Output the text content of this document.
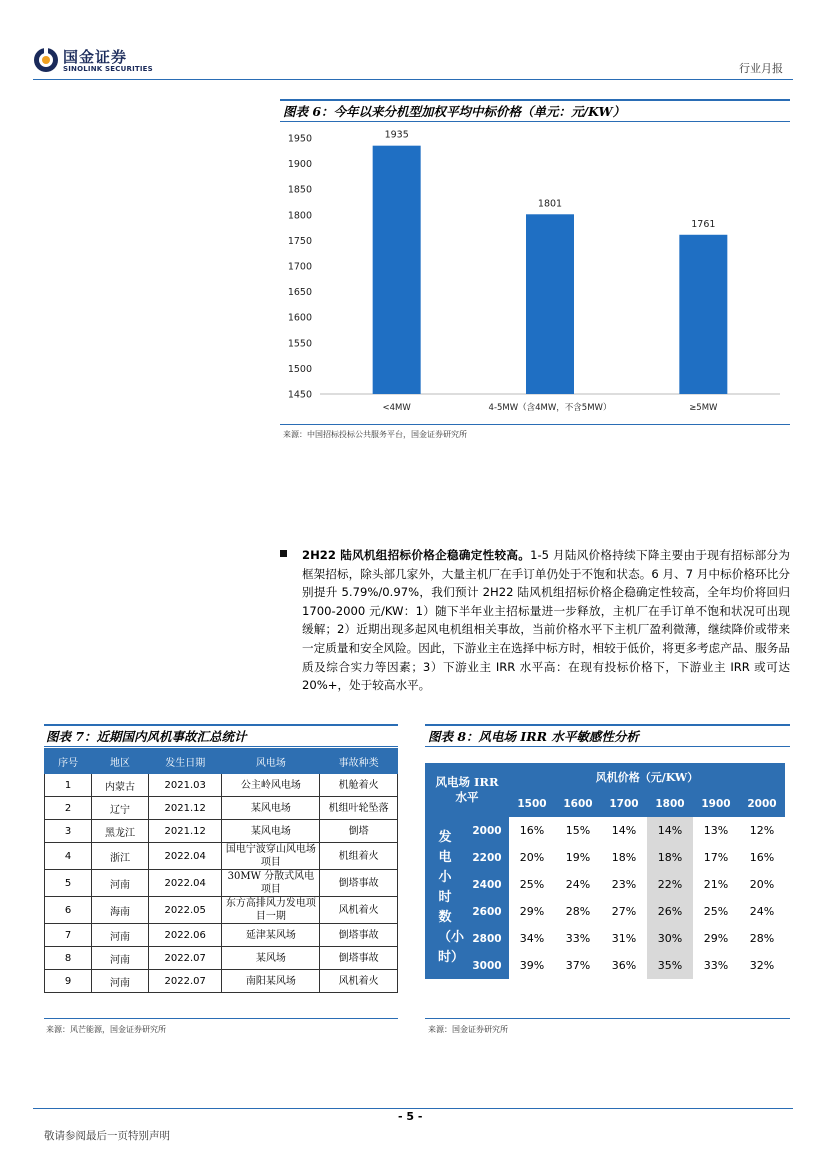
国金证券
SINOLINK SECURITIES	行业月报
图表 6：今年以来分机型加权平均中标价格（单元：元/KW）
1450
1500
1550
1600
1650
1700
1750
1800
1850
1900
1950	1935
<4MW
1801
4-5MW（含4MW，不含5MW）
1761
≥5MW
来源：中国招标投标公共服务平台，国金证券研究所
2H22 陆风机组招标价格企稳确定性较高。1-5 月陆风价格持续下降主要由于现有招标部分为框架招标，除头部几家外，大量主机厂在手订单仍处于不饱和状态。6 月、7 月中标价格环比分别提升 5.79%/0.97%，我们预计 2H22 陆风机组招标价格企稳确定性较高，全年均价将回归 1700-2000 元/KW：1）随下半年业主招标量进一步释放，主机厂在手订单不饱和状况可出现缓解；2）近期出现多起风电机组相关事故，当前价格水平下主机厂盈利微薄，继续降价或带来一定质量和安全风险。因此，下游业主在选择中标方时，相较于低价，将更多考虑产品、服务品质及综合实力等因素；3）下游业主 IRR 水平高：在现有投标价格下，下游业主 IRR 或可达 20%+，处于较高水平。
图表 7：近期国内风机事故汇总统计
序号	地区	发生日期	风电场	事故种类
1	内蒙古	2021.03	公主岭风电场	机舱着火
2	辽宁	2021.12	某风电场	机组叶轮坠落
3	黑龙江	2021.12	某风电场	倒塔
4	浙江	2022.04	国电宁波穿山风电场项目	机组着火
5	河南	2022.04	30MW 分散式风电项目	倒塔事故
6	海南	2022.05	东方高排风力发电项目一期	风机着火
7	河南	2022.06	延津某风场	倒塔事故
8	河南	2022.07	某风场	倒塔事故
9	河南	2022.07	南阳某风场	风机着火
来源：风芒能源，国金证券研究所
图表 8：风电场 IRR 水平敏感性分析
风电场 IRR
水平		风机价格（元/KW）					
		1500	1600	1700	1800	1900	2000

发电小时数（小时）	2000	16%	15%	14%	14%	13%	12%
	2200	20%	19%	18%	18%	17%	16%
	2400	25%	24%	23%	22%	21%	20%
	2600	29%	28%	27%	26%	25%	24%
	2800	34%	33%	31%	30%	29%	28%
	3000	39%	37%	36%	35%	33%	32%
来源：国金证券研究所
- 5 -
敬请参阅最后一页特别声明
